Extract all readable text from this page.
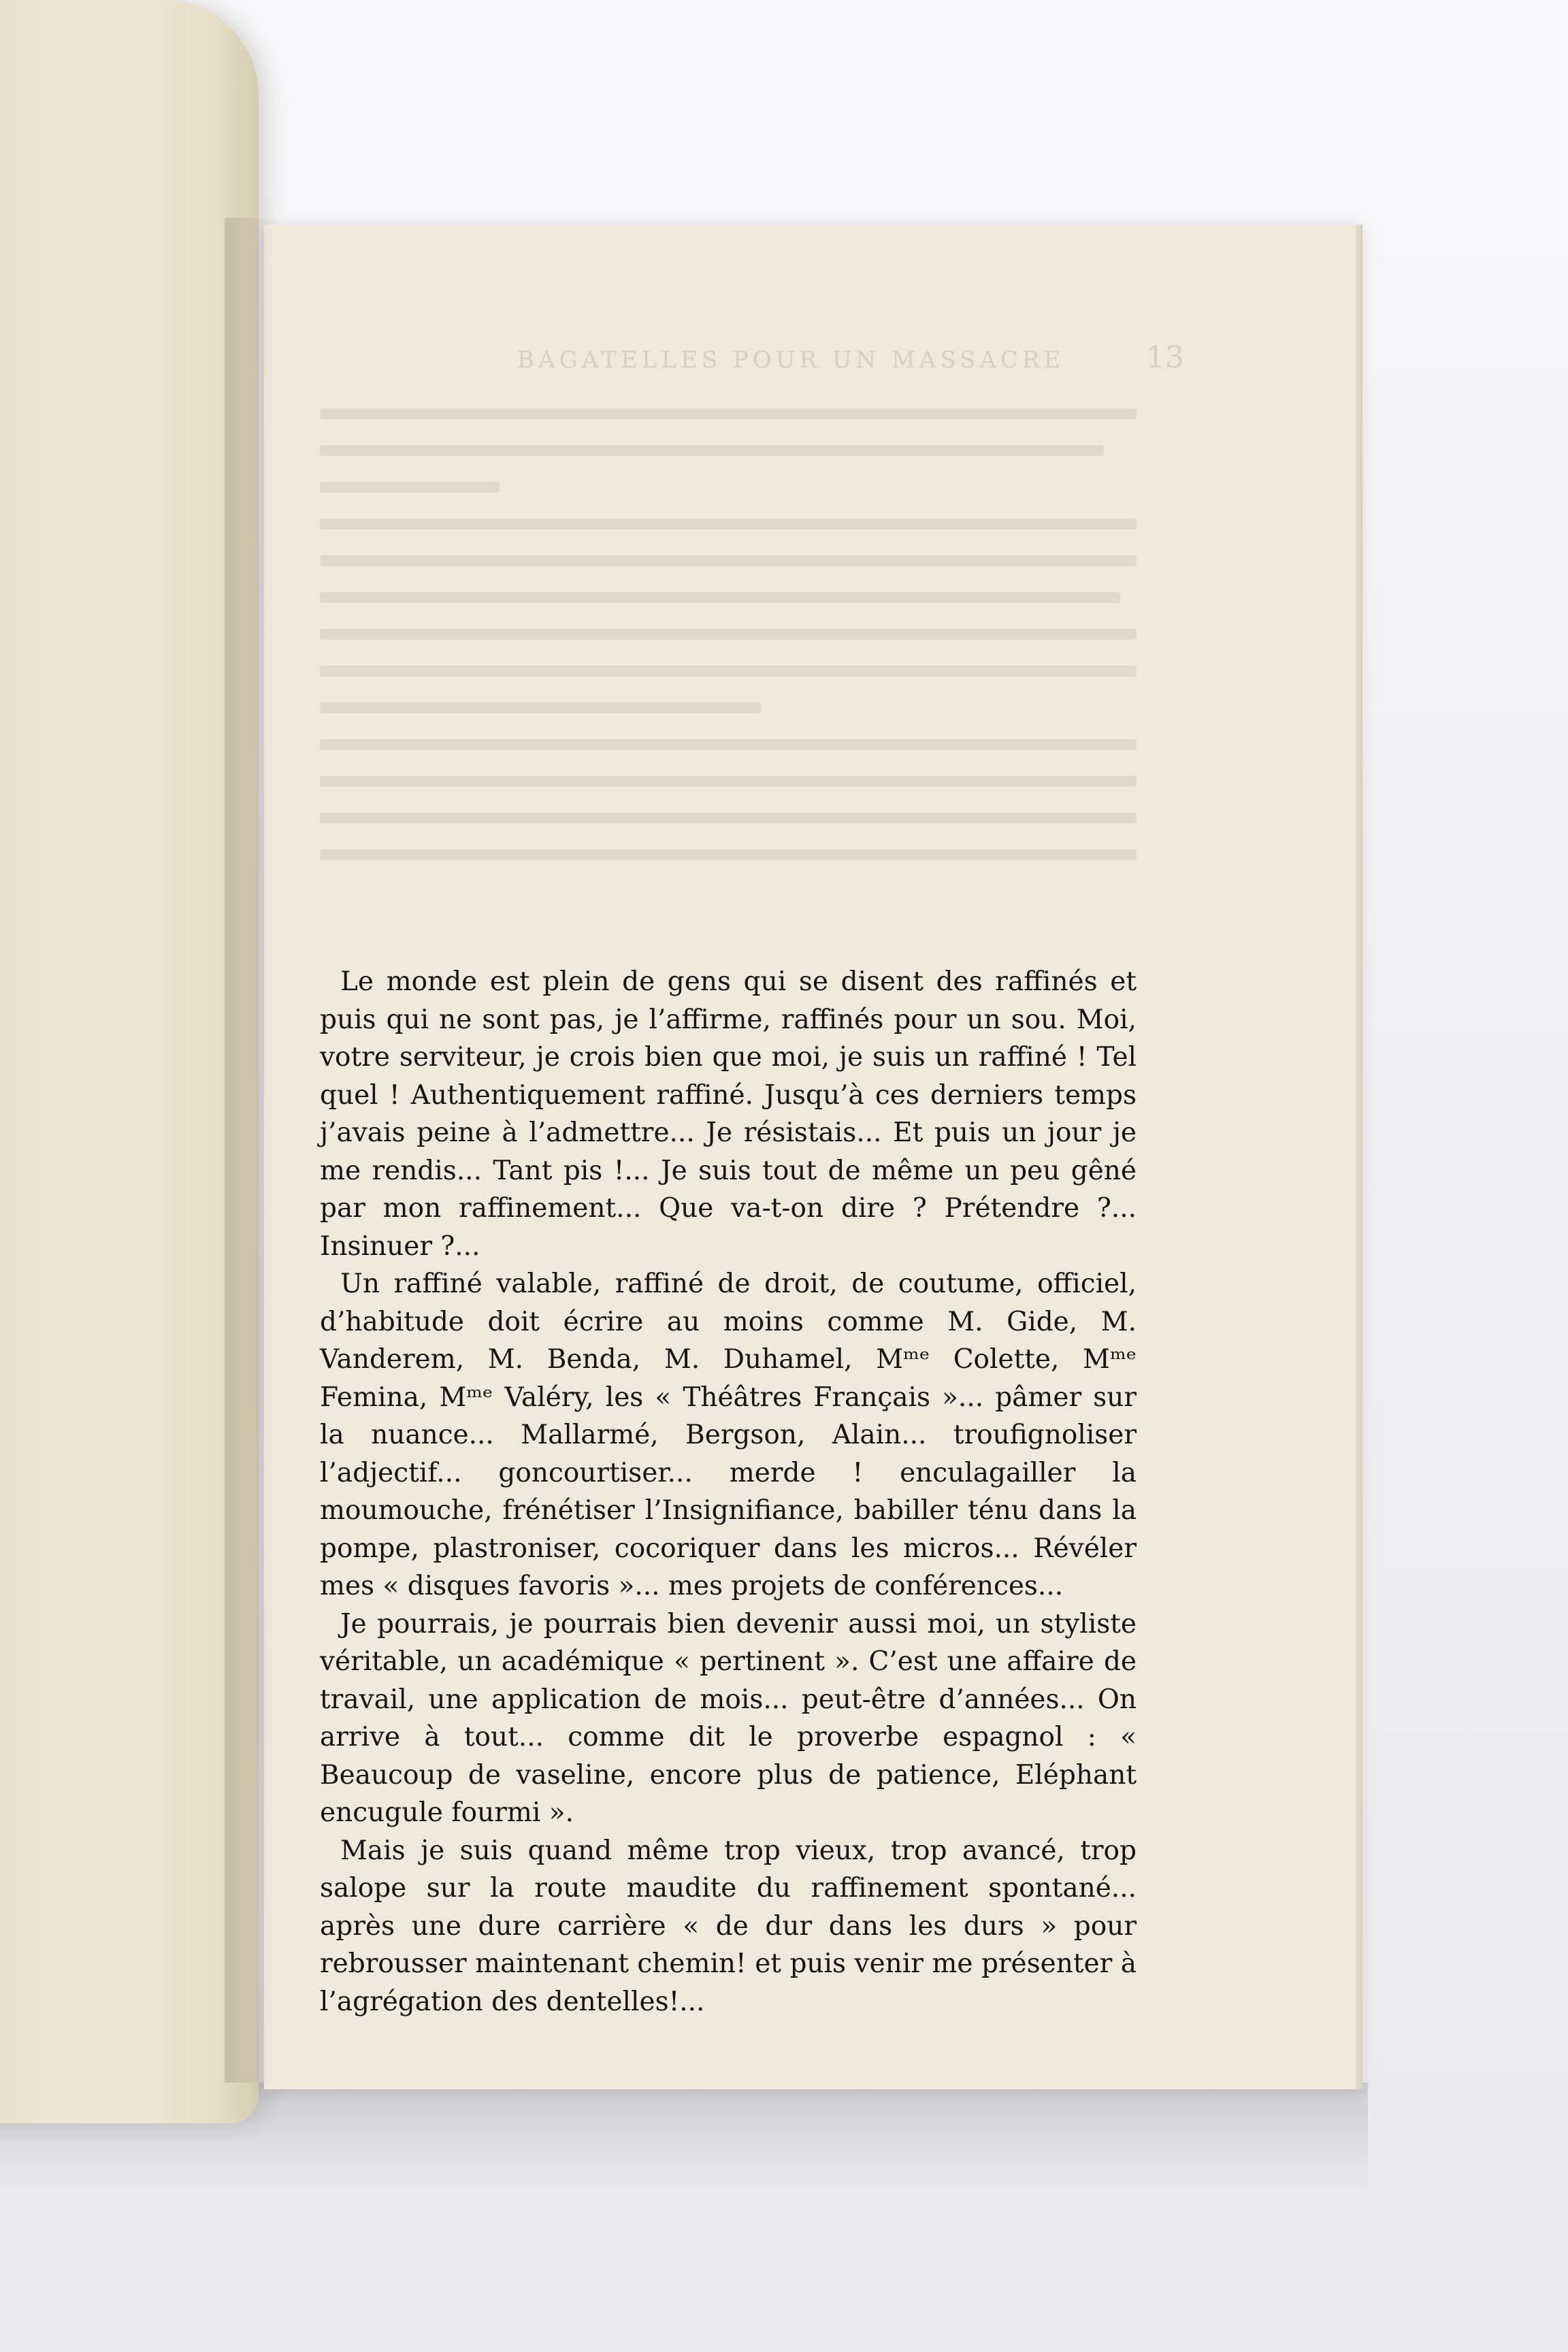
BAGATELLES POUR UN MASSACRE	13

Le monde est plein de gens qui se disent des raffinés et puis qui ne sont pas, je l’affirme, raffinés pour un sou. Moi, votre serviteur, je crois bien que moi, je suis un raffiné ! Tel quel ! Authentiquement raffiné. Jusqu’à ces derniers temps j’avais peine à l’admettre... Je résistais... Et puis un jour je me rendis... Tant pis !... Je suis tout de même un peu gêné par mon raffinement... Que va-t-on dire ? Prétendre ?... Insinuer ?...

Un raffiné valable, raffiné de droit, de coutume, officiel, d’habitude doit écrire au moins comme M. Gide, M. Vanderem, M. Benda, M. Duhamel, Mᵐᵉ Colette, Mᵐᵉ Femina, Mᵐᵉ Valéry, les « Théâtres Français »... pâmer sur la nuance... Mallarmé, Bergson, Alain... troufignoliser l’adjectif... goncourtiser... merde ! enculagailler la moumouche, frénétiser l’Insignifiance, babiller ténu dans la pompe, plastroniser, cocoriquer dans les micros... Révéler mes « disques favoris »... mes projets de conférences...

Je pourrais, je pourrais bien devenir aussi moi, un styliste véritable, un académique « pertinent ». C’est une affaire de travail, une application de mois... peut-être d’années... On arrive à tout... comme dit le proverbe espagnol : « Beaucoup de vaseline, encore plus de patience, Eléphant encugule fourmi ».

Mais je suis quand même trop vieux, trop avancé, trop salope sur la route maudite du raffinement spontané... après une dure carrière « de dur dans les durs » pour rebrousser maintenant chemin! et puis venir me présenter à l’agrégation des dentelles!...
